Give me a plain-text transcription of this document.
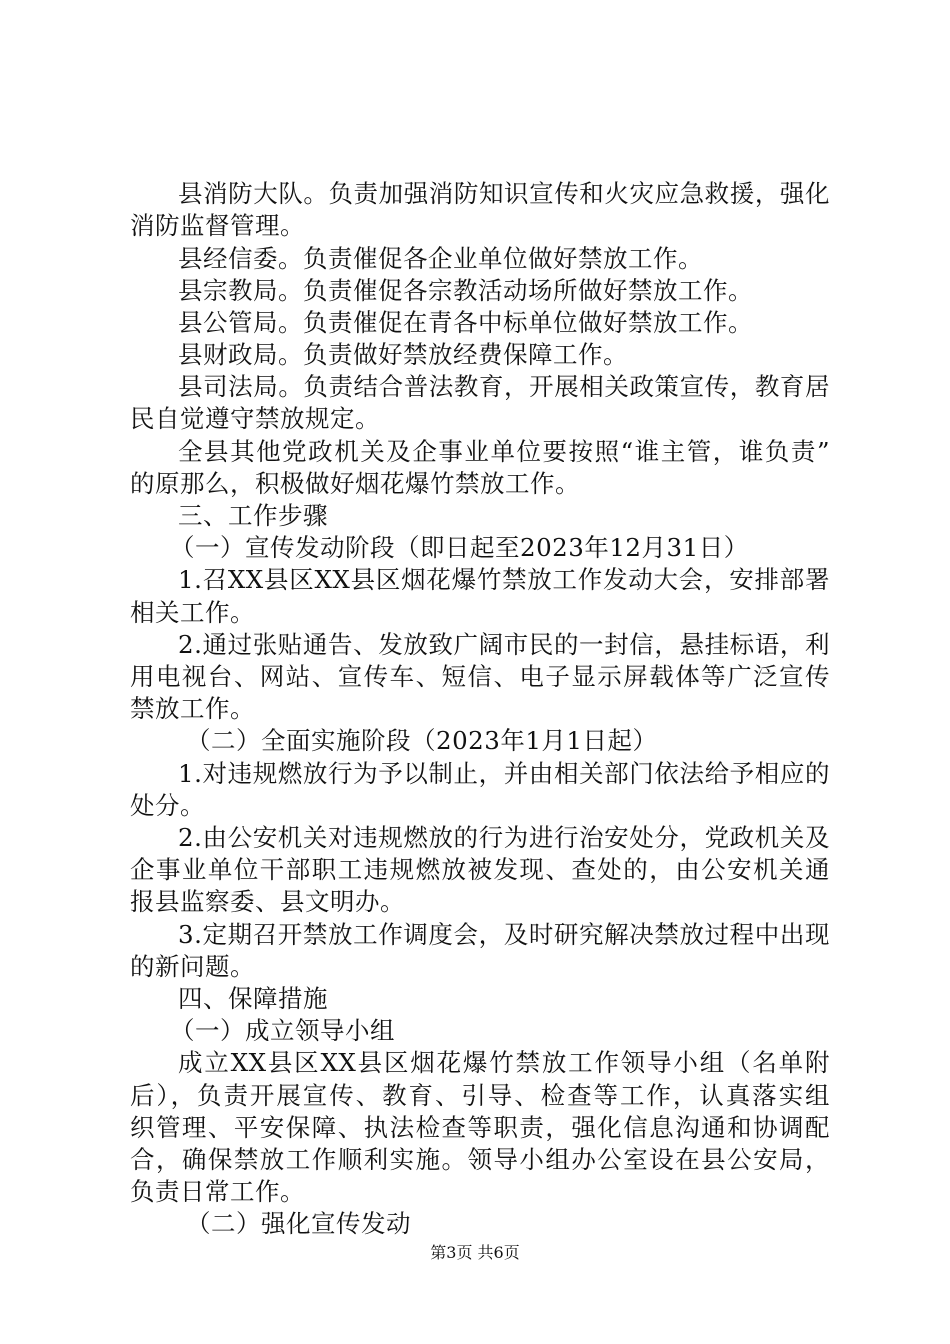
县消防大队。负责加强消防知识宣传和火灾应急救援，强化
消防监督管理。
县经信委。负责催促各企业单位做好禁放工作。
县宗教局。负责催促各宗教活动场所做好禁放工作。
县公管局。负责催促在青各中标单位做好禁放工作。
县财政局。负责做好禁放经费保障工作。
县司法局。负责结合普法教育，开展相关政策宣传，教育居
民自觉遵守禁放规定。
全县其他党政机关及企事业单位要按照“谁主管，谁负责”
的原那么，积极做好烟花爆竹禁放工作。
三、工作步骤
（一）宣传发动阶段（即日起至2023年12月31日）
1.召XX县区XX县区烟花爆竹禁放工作发动大会，安排部署
相关工作。
2.通过张贴通告、发放致广阔市民的一封信，悬挂标语，利
用电视台、网站、宣传车、短信、电子显示屏载体等广泛宣传
禁放工作。
（二）全面实施阶段（2023年1月1日起）
1.对违规燃放行为予以制止，并由相关部门依法给予相应的
处分。
2.由公安机关对违规燃放的行为进行治安处分，党政机关及
企事业单位干部职工违规燃放被发现、查处的，由公安机关通
报县监察委、县文明办。
3.定期召开禁放工作调度会，及时研究解决禁放过程中出现
的新问题。
四、保障措施
（一）成立领导小组
成立XX县区XX县区烟花爆竹禁放工作领导小组（名单附
后），负责开展宣传、教育、引导、检查等工作，认真落实组
织管理、平安保障、执法检查等职责，强化信息沟通和协调配
合，确保禁放工作顺利实施。领导小组办公室设在县公安局，
负责日常工作。
（二）强化宣传发动
第3页 共6页
